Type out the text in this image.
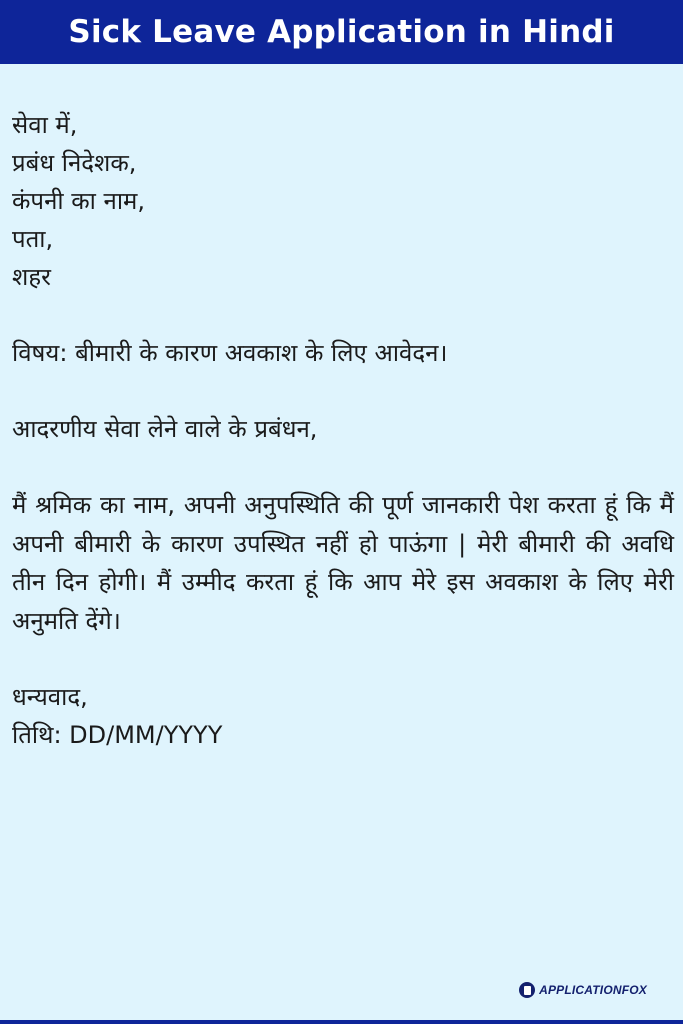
Sick Leave Application in Hindi
सेवा में,
प्रबंध निदेशक,
कंपनी का नाम,
पता,
शहर
विषय: बीमारी के कारण अवकाश के लिए आवेदन।
आदरणीय सेवा लेने वाले के प्रबंधन,
मैं श्रमिक का नाम, अपनी अनुपस्थिति की पूर्ण जानकारी पेश करता हूं कि मैं अपनी बीमारी के कारण उपस्थित नहीं हो पाऊंगा | मेरी बीमारी की अवधि तीन दिन होगी। मैं उम्मीद करता हूं कि आप मेरे इस अवकाश के लिए मेरी अनुमति देंगे।
धन्यवाद,
तिथि: DD/MM/YYYY
APPLICATIONFOX
